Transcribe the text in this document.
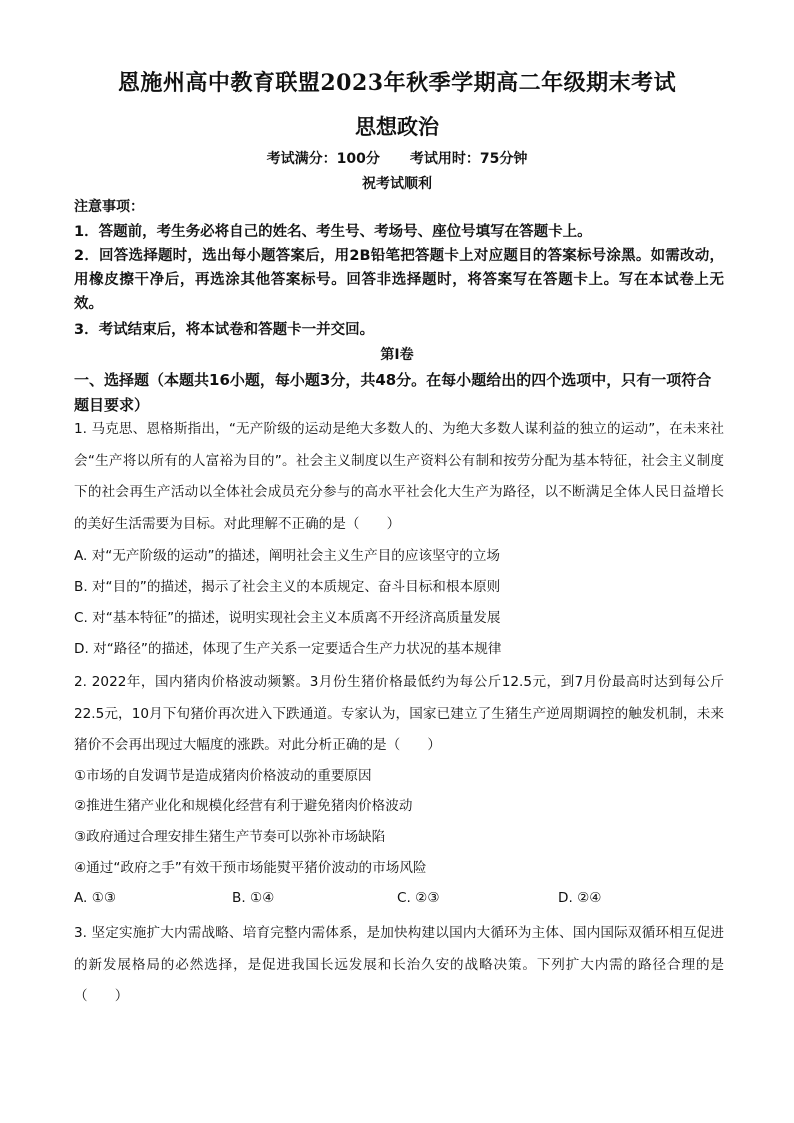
恩施州高中教育联盟2023年秋季学期高二年级期末考试
思想政治
考试满分：100分 考试用时：75分钟
祝考试顺利
注意事项：
1．答题前，考生务必将自己的姓名、考生号、考场号、座位号填写在答题卡上。
2．回答选择题时，选出每小题答案后，用2B铅笔把答题卡上对应题目的答案标号涂黑。如需改动，用橡皮擦干净后，再选涂其他答案标号。回答非选择题时，将答案写在答题卡上。写在本试卷上无效。
3．考试结束后，将本试卷和答题卡一并交回。
第Ⅰ卷
一、选择题（本题共16小题，每小题3分，共48分。在每小题给出的四个选项中，只有一项符合题目要求）
1. 马克思、恩格斯指出，“无产阶级的运动是绝大多数人的、为绝大多数人谋利益的独立的运动”，在未来社会“生产将以所有的人富裕为目的”。社会主义制度以生产资料公有制和按劳分配为基本特征，社会主义制度下的社会再生产活动以全体社会成员充分参与的高水平社会化大生产为路径，以不断满足全体人民日益增长的美好生活需要为目标。对此理解不正确的是（　　）
A. 对“无产阶级的运动”的描述，阐明社会主义生产目的应该坚守的立场
B. 对“目的”的描述，揭示了社会主义的本质规定、奋斗目标和根本原则
C. 对“基本特征”的描述，说明实现社会主义本质离不开经济高质量发展
D. 对“路径”的描述，体现了生产关系一定要适合生产力状况的基本规律
2. 2022年，国内猪肉价格波动频繁。3月份生猪价格最低约为每公斤12.5元，到7月份最高时达到每公斤22.5元，10月下旬猪价再次进入下跌通道。专家认为，国家已建立了生猪生产逆周期调控的触发机制，未来猪价不会再出现过大幅度的涨跌。对此分析正确的是（　　）
①市场的自发调节是造成猪肉价格波动的重要原因
②推进生猪产业化和规模化经营有利于避免猪肉价格波动
③政府通过合理安排生猪生产节奏可以弥补市场缺陷
④通过“政府之手”有效干预市场能熨平猪价波动的市场风险
A. ①③	B. ①④	C. ②③	D. ②④
3. 坚定实施扩大内需战略、培育完整内需体系，是加快构建以国内大循环为主体、国内国际双循环相互促进的新发展格局的必然选择，是促进我国长远发展和长治久安的战略决策。下列扩大内需的路径合理的是（　　）
